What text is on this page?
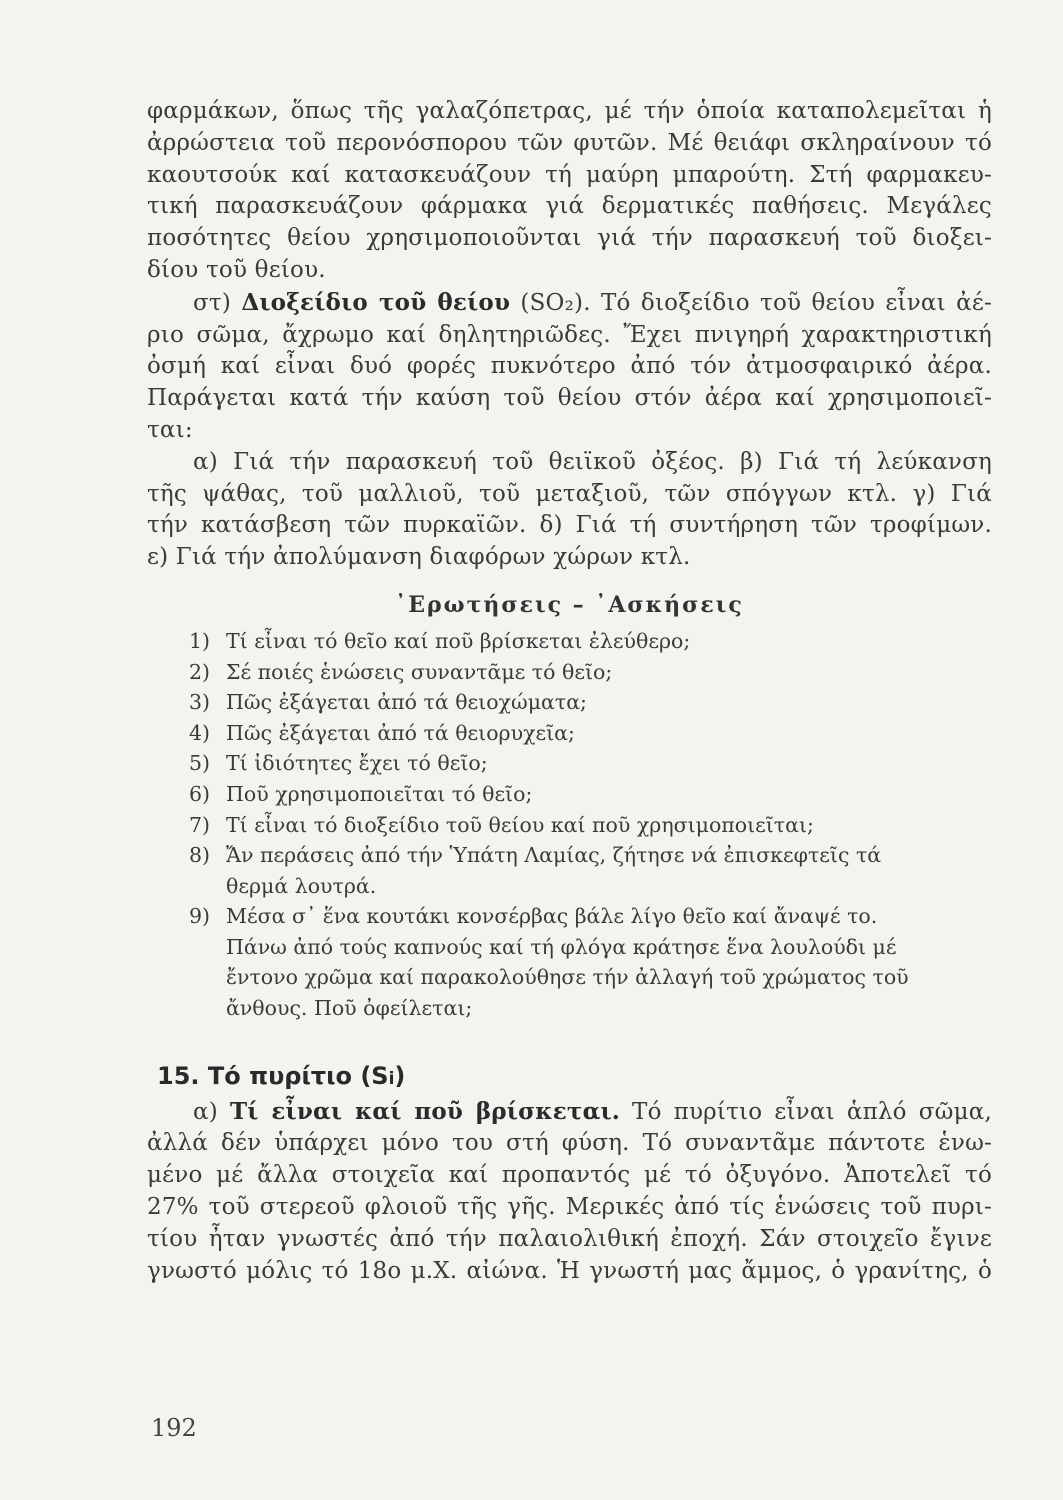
φαρμάκων, ὅπως τῆς γαλαζόπετρας, μέ τήν ὁποία καταπολεμεῖται ἡ
ἀρρώστεια τοῦ περονόσπορου τῶν φυτῶν. Μέ θειάφι σκληραίνουν τό
καουτσούκ καί κατασκευάζουν τή μαύρη μπαρούτη. Στή φαρμακευ-
τική παρασκευάζουν φάρμακα γιά δερματικές παθήσεις. Μεγάλες
ποσότητες θείου χρησιμοποιοῦνται γιά τήν παρασκευή τοῦ διοξει-
δίου τοῦ θείου.
στ) Διοξείδιο τοῦ θείου (SO₂). Τό διοξείδιο τοῦ θείου εἶναι ἀέ-
ριο σῶμα, ἄχρωμο καί δηλητηριῶδες. Ἔχει πνιγηρή χαρακτηριστική
ὀσμή καί εἶναι δυό φορές πυκνότερο ἀπό τόν ἀτμοσφαιρικό ἀέρα.
Παράγεται κατά τήν καύση τοῦ θείου στόν ἀέρα καί χρησιμοποιεῖ-
ται:
α) Γιά τήν παρασκευή τοῦ θειϊκοῦ ὀξέος. β) Γιά τή λεύκανση
τῆς ψάθας, τοῦ μαλλιοῦ, τοῦ μεταξιοῦ, τῶν σπόγγων κτλ. γ) Γιά
τήν κατάσβεση τῶν πυρκαϊῶν. δ) Γιά τή συντήρηση τῶν τροφίμων.
ε) Γιά τήν ἀπολύμανση διαφόρων χώρων κτλ.
᾿Ερωτήσεις – ᾿Ασκήσεις
1) Τί εἶναι τό θεῖο καί ποῦ βρίσκεται ἐλεύθερο;
2) Σέ ποιές ἑνώσεις συναντᾶμε τό θεῖο;
3) Πῶς ἐξάγεται ἀπό τά θειοχώματα;
4) Πῶς ἐξάγεται ἀπό τά θειορυχεῖα;
5) Τί ἰδιότητες ἔχει τό θεῖο;
6) Ποῦ χρησιμοποιεῖται τό θεῖο;
7) Τί εἶναι τό διοξείδιο τοῦ θείου καί ποῦ χρησιμοποιεῖται;
8) Ἄν περάσεις ἀπό τήν Ὑπάτη Λαμίας, ζήτησε νά ἐπισκεφτεῖς τά
θερμά λουτρά.
9) Μέσα σ᾿ ἕνα κουτάκι κονσέρβας βάλε λίγο θεῖο καί ἄναψέ το.
Πάνω ἀπό τούς καπνούς καί τή φλόγα κράτησε ἕνα λουλούδι μέ
ἔντονο χρῶμα καί παρακολούθησε τήν ἀλλαγή τοῦ χρώματος τοῦ
ἄνθους. Ποῦ ὀφείλεται;
15. Τό πυρίτιο (Si)
α) Τί εἶναι καί ποῦ βρίσκεται. Τό πυρίτιο εἶναι ἁπλό σῶμα,
ἀλλά δέν ὑπάρχει μόνο του στή φύση. Τό συναντᾶμε πάντοτε ἑνω-
μένο μέ ἄλλα στοιχεῖα καί προπαντός μέ τό ὀξυγόνο. Ἀποτελεῖ τό
27% τοῦ στερεοῦ φλοιοῦ τῆς γῆς. Μερικές ἀπό τίς ἑνώσεις τοῦ πυρι-
τίου ἦταν γνωστές ἀπό τήν παλαιολιθική ἐποχή. Σάν στοιχεῖο ἔγινε
γνωστό μόλις τό 18ο μ.Χ. αἰώνα. Ἡ γνωστή μας ἄμμος, ὁ γρανίτης, ὁ
192
